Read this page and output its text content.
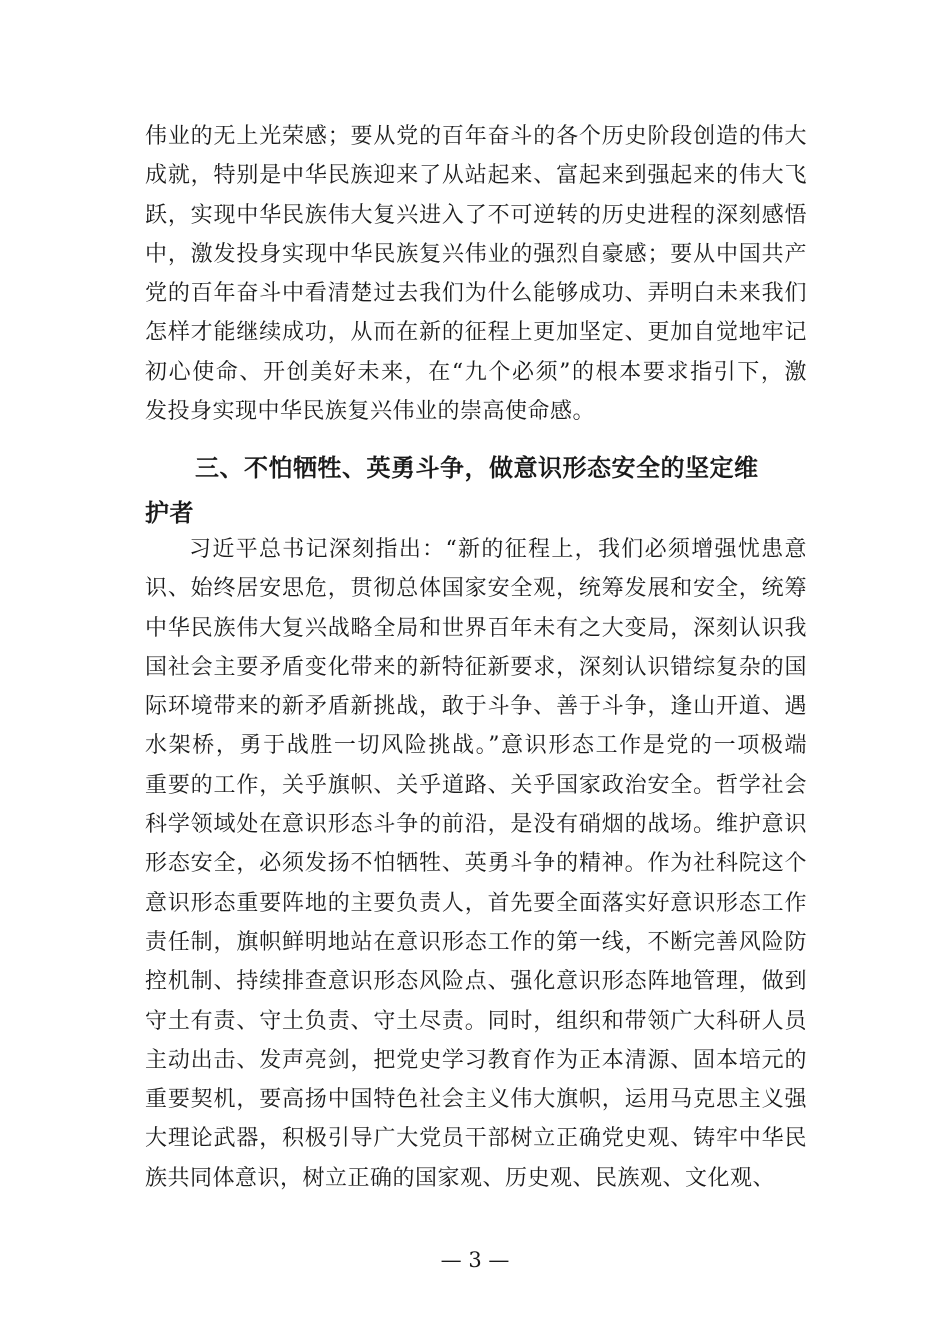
伟业的无上光荣感；要从党的百年奋斗的各个历史阶段创造的伟大
成就，特别是中华民族迎来了从站起来、富起来到强起来的伟大飞
跃，实现中华民族伟大复兴进入了不可逆转的历史进程的深刻感悟
中，激发投身实现中华民族复兴伟业的强烈自豪感；要从中国共产
党的百年奋斗中看清楚过去我们为什么能够成功、弄明白未来我们
怎样才能继续成功，从而在新的征程上更加坚定、更加自觉地牢记
初心使命、开创美好未来，在“九个必须”的根本要求指引下，激
发投身实现中华民族复兴伟业的崇高使命感。
三、不怕牺牲、英勇斗争，做意识形态安全的坚定维
护者
习近平总书记深刻指出：“新的征程上，我们必须增强忧患意
识、始终居安思危，贯彻总体国家安全观，统筹发展和安全，统筹
中华民族伟大复兴战略全局和世界百年未有之大变局，深刻认识我
国社会主要矛盾变化带来的新特征新要求，深刻认识错综复杂的国
际环境带来的新矛盾新挑战，敢于斗争、善于斗争，逢山开道、遇
水架桥，勇于战胜一切风险挑战。”意识形态工作是党的一项极端
重要的工作，关乎旗帜、关乎道路、关乎国家政治安全。哲学社会
科学领域处在意识形态斗争的前沿，是没有硝烟的战场。维护意识
形态安全，必须发扬不怕牺牲、英勇斗争的精神。作为社科院这个
意识形态重要阵地的主要负责人，首先要全面落实好意识形态工作
责任制，旗帜鲜明地站在意识形态工作的第一线，不断完善风险防
控机制、持续排查意识形态风险点、强化意识形态阵地管理，做到
守土有责、守土负责、守土尽责。同时，组织和带领广大科研人员
主动出击、发声亮剑，把党史学习教育作为正本清源、固本培元的
重要契机，要高扬中国特色社会主义伟大旗帜，运用马克思主义强
大理论武器，积极引导广大党员干部树立正确党史观、铸牢中华民
族共同体意识，树立正确的国家观、历史观、民族观、文化观、
— 3 —
